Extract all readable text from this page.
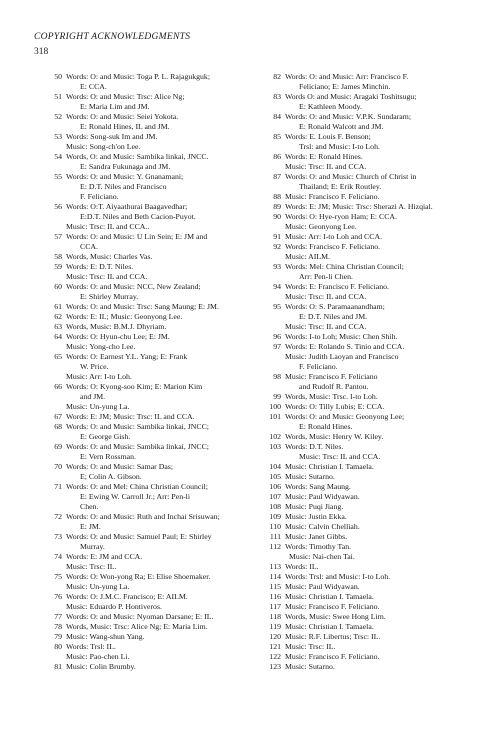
COPYRIGHT ACKNOWLEDGMENTS
318
50 Words: O: and Music: Toga P. L. Rajagukguk;
E: CCA.
51 Words: O: and Music: Trsc: Alice Ng;
E: Maria Lim and JM.
52 Words: O: and Music: Seiei Yokota.
E: Ronald Hines, IL and JM.
53 Words: Song-suk Im and JM.
Music: Song-ch'on Lee.
54 Words, O: and Music: Sambika linkai, JNCC.
E: Sandra Fukunaga and JM.
55 Words: O: and Music: Y. Gnanamani;
E: D.T. Niles and Francisco
F. Feliciano.
56 Words: O:T. Aiyaathurai Baagavedhar;
E:D.T. Niles and Beth Cacion-Puyot.
Music: Trsc: IL and CCA..
57 Words: O: and Music: U Lin Sein; E: JM and
CCA.
58 Words, Music: Charles Vas.
59 Words: E: D.T. Niles.
Music: Trsc: IL and CCA.
60 Words: O: and Music: NCC, New Zealand;
E: Shirley Murray.
61 Words: O: and Music: Trsc: Sang Maung; E: JM.
62 Words: E: IL; Music: Geonyong Lee.
63 Words, Music: B.M.J. Dhyriam.
64 Words: O: Hyun-chu Lee; E: JM.
Music: Yong-cho Lee.
65 Words: O: Earnest Y.L. Yang; E: Frank
W. Price.
Music: Arr: I-to Loh.
66 Words: O: Kyong-soo Kim; E: Marion Kim
and JM.
Music: Un-yung La.
67 Words: E: JM; Music: Trsc: IL and CCA.
68 Words: O: and Music: Sambika linkai, JNCC;
E: George Gish.
69 Words: O: and Music: Sambika linkai, JNCC;
E: Vern Rossman.
70 Words: O: and Music: Samar Das;
E; Colin A. Gibson.
71 Words: O: and Mel: China Christian Council;
E: Ewing W. Carroll Jr.; Arr: Pen-li
Chen.
72 Words: O: and Music: Ruth and Inchai Srisuwan;
E: JM.
73 Words: O: and Music: Samuel Paul; E: Shirley
Murray.
74 Words: E: JM and CCA.
Music: Trsc: IL.
75 Words: O: Won-yong Ra; E: Elise Shoemaker.
Music: Un-yung La.
76 Words: O: J.M.C. Francisco; E: AILM.
Music: Eduardo P. Hontiveros.
77 Words: O: and Music: Nyoman Darsane; E: IL.
78 Words, Music: Trsc: Alice Ng; E: Maria Lim.
79 Music: Wang-shun Yang.
80 Words: Trsl: IL.
Music: Pao-chen Li.
81 Music: Colin Brumby.
82 Words: O: and Music: Arr: Francisco F.
Feliciano; E: James Minchin.
83 Words O: and Music: Aragaki Toshitsugu;
E: Kathleen Moody.
84 Words: O: and Music: V.P.K. Sundaram;
E: Ronald Walcott and JM.
85 Words: E. Louis F. Benson;
Trsl: and Music: I-to Loh.
86 Words: E: Ronald Hines.
Music: Trsc: IL and CCA.
87 Words: O: and Music: Church of Christ in
Thailand; E: Erik Routley.
88 Music: Francisco F. Feliciano.
89 Words: E: JM; Music: Trsc: Sherazi A. Hizqial.
90 Words: O: Hye-ryon Ham; E: CCA.
Music: Geonyong Lee.
91 Music: Arr: I-to Loh and CCA.
92 Words: Francisco F. Feliciano.
Music: AILM.
93 Words: Mel: China Christian Council;
Arr: Pen-li Chen.
94 Words: E: Francisco F. Feliciano.
Music: Trsc: IL and CCA.
95 Words: O: S. Paramaanandham;
E: D.T. Niles and JM.
Music: Trsc: IL and CCA.
96 Words: I-to Loh; Music: Chen Shih.
97 Words: E: Rolando S. Tinio and CCA.
Music: Judith Laoyan and Francisco
F. Feliciano.
98 Music: Francisco F. Feliciano
and Rudolf R. Pantou.
99 Words, Music: Trsc. I-to Loh.
100 Words: O: Tilly Lubis; E: CCA.
101 Words: O: and Music: Geonyong Lee;
E: Ronald Hines.
102 Words, Music: Henry W. Kiley.
103 Words: D.T. Niles.
Music: Trsc: IL and CCA.
104 Music: Christian I. Tamaela.
105 Music: Sutarno.
106 Words: Sang Maung.
107 Music: Paul Widyawan.
108 Music: Puqi Jiang.
109 Music: Justin Ekka.
110 Music: Calvin Chelliah.
111 Music: Janet Gibbs.
112 Words: Timothy Tan.
Music: Nai-chen Tai.
113 Words: IL.
114 Words: Trsl: and Music: I-to Loh.
115 Music: Paul Widyawan.
116 Music: Christian I. Tamaela.
117 Music: Francisco F. Feliciano.
118 Words, Music: Swee Hong Lim.
119 Music: Christian I. Tamaela.
120 Music: R.F. Libertus; Trsc: IL.
121 Music: Trsc: IL.
122 Music: Francisco F. Feliciano.
123 Music: Sutarno.
